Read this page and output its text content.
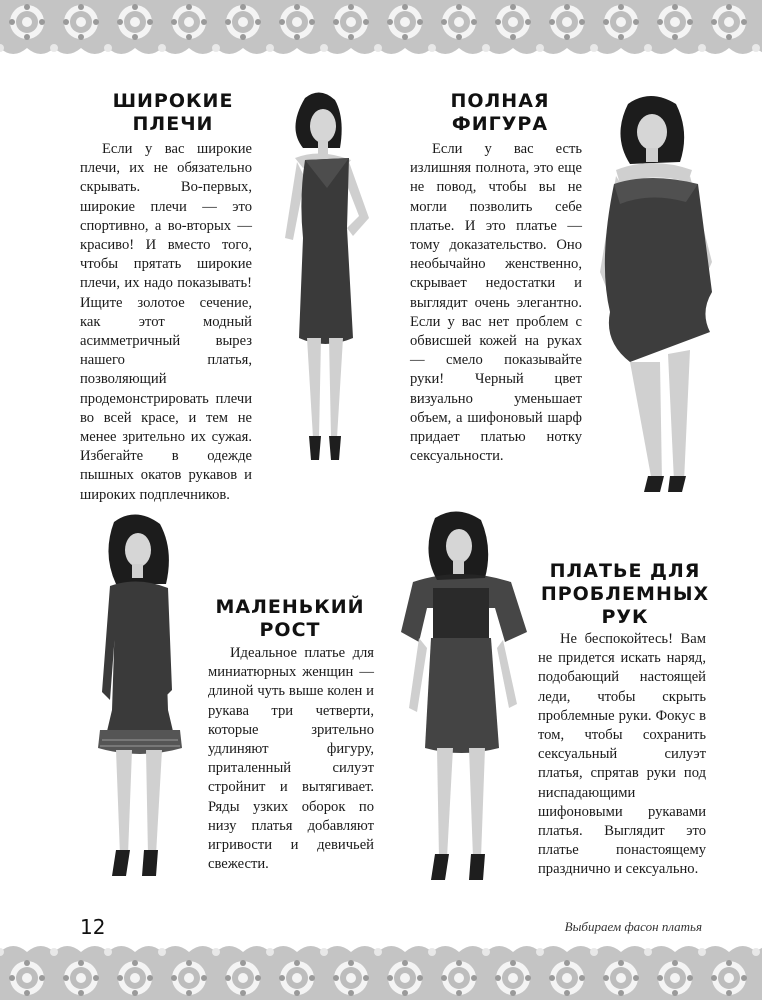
ШИРОКИЕ
ПЛЕЧИ

Если у вас широкие плечи, их не обязательно скрывать. Во-первых, широкие плечи — это спортивно, а во-вторых — красиво! И вместо того, чтобы прятать широкие плечи, их надо показывать! Ищите золотое сечение, как этот модный асимметричный вырез нашего платья, позволяющий продемонстрировать плечи во всей красе, и тем не менее зрительно их сужая. Избегайте в одежде пышных окатов рукавов и широких подплечников.

ПОЛНАЯ
ФИГУРА

Если у вас есть излишняя полнота, это еще не повод, чтобы вы не могли позволить себе платье. И это платье — тому доказательство. Оно необычайно женственно, скрывает недостатки и выглядит очень элегантно. Если у вас нет проблем с обвисшей кожей на руках — смело показывайте руки! Черный цвет визуально уменьшает объем, а шифоновый шарф придает платью нотку сексуальности.

МАЛЕНЬКИЙ
РОСТ

Идеальное платье для миниатюрных женщин — длиной чуть выше колен и рукава три четверти, которые зрительно удлиняют фигуру, приталенный силуэт стройнит и вытягивает. Ряды узких оборок по низу платья добавляют игривости и девичьей свежести.

ПЛАТЬЕ ДЛЯ
ПРОБЛЕМНЫХ
РУК

Не беспокойтесь! Вам не придется искать наряд, подобающий настоящей леди, чтобы скрыть проблемные руки. Фокус в том, чтобы сохранить сексуальный силуэт платья, спрятав руки под ниспадающими шифоновыми рукавами платья. Выглядит это платье понастоящему празднично и сексуально.

12	Выбираем фасон платья
